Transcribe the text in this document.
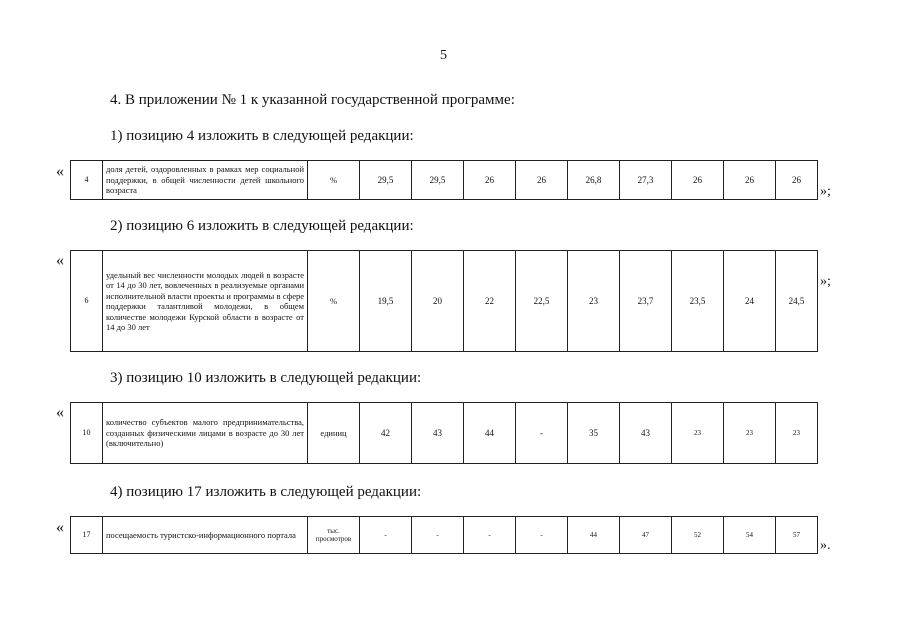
5
4. В приложении № 1 к указанной государственной программе:
1) позицию 4 изложить в следующей редакции:
«	4	доля детей, оздоровленных в рамках мер социальной поддержки, в общей численности детей школьного возраста	%	29,5	29,5	26	26	26,8	27,3	26	26	26
»;
2) позицию 6 изложить в следующей редакции:
«
6	удельный вес численности молодых людей в возрасте от 14 до 30 лет, вовлеченных в реализуемые органами исполнительной власти проекты и программы в сфере поддержки талантливой молодежи, в общем количестве молодежи Курской области в возрасте от 14 до 30 лет	%	19,5	20	22	22,5	23	23,7	23,5	24	24,5
»;
3) позицию 10 изложить в следующей редакции:
«
10	количество субъектов малого предпринимательства, созданных физическими лицами в возрасте до 30 лет (включительно)	единиц	42	43	44	-	35	43	23	23	23
4) позицию 17 изложить в следующей редакции:
« 17	посещаемость туристско-информационного портала	тыс. просмотров	-	-	-	-	44	47	52	54	57
».
